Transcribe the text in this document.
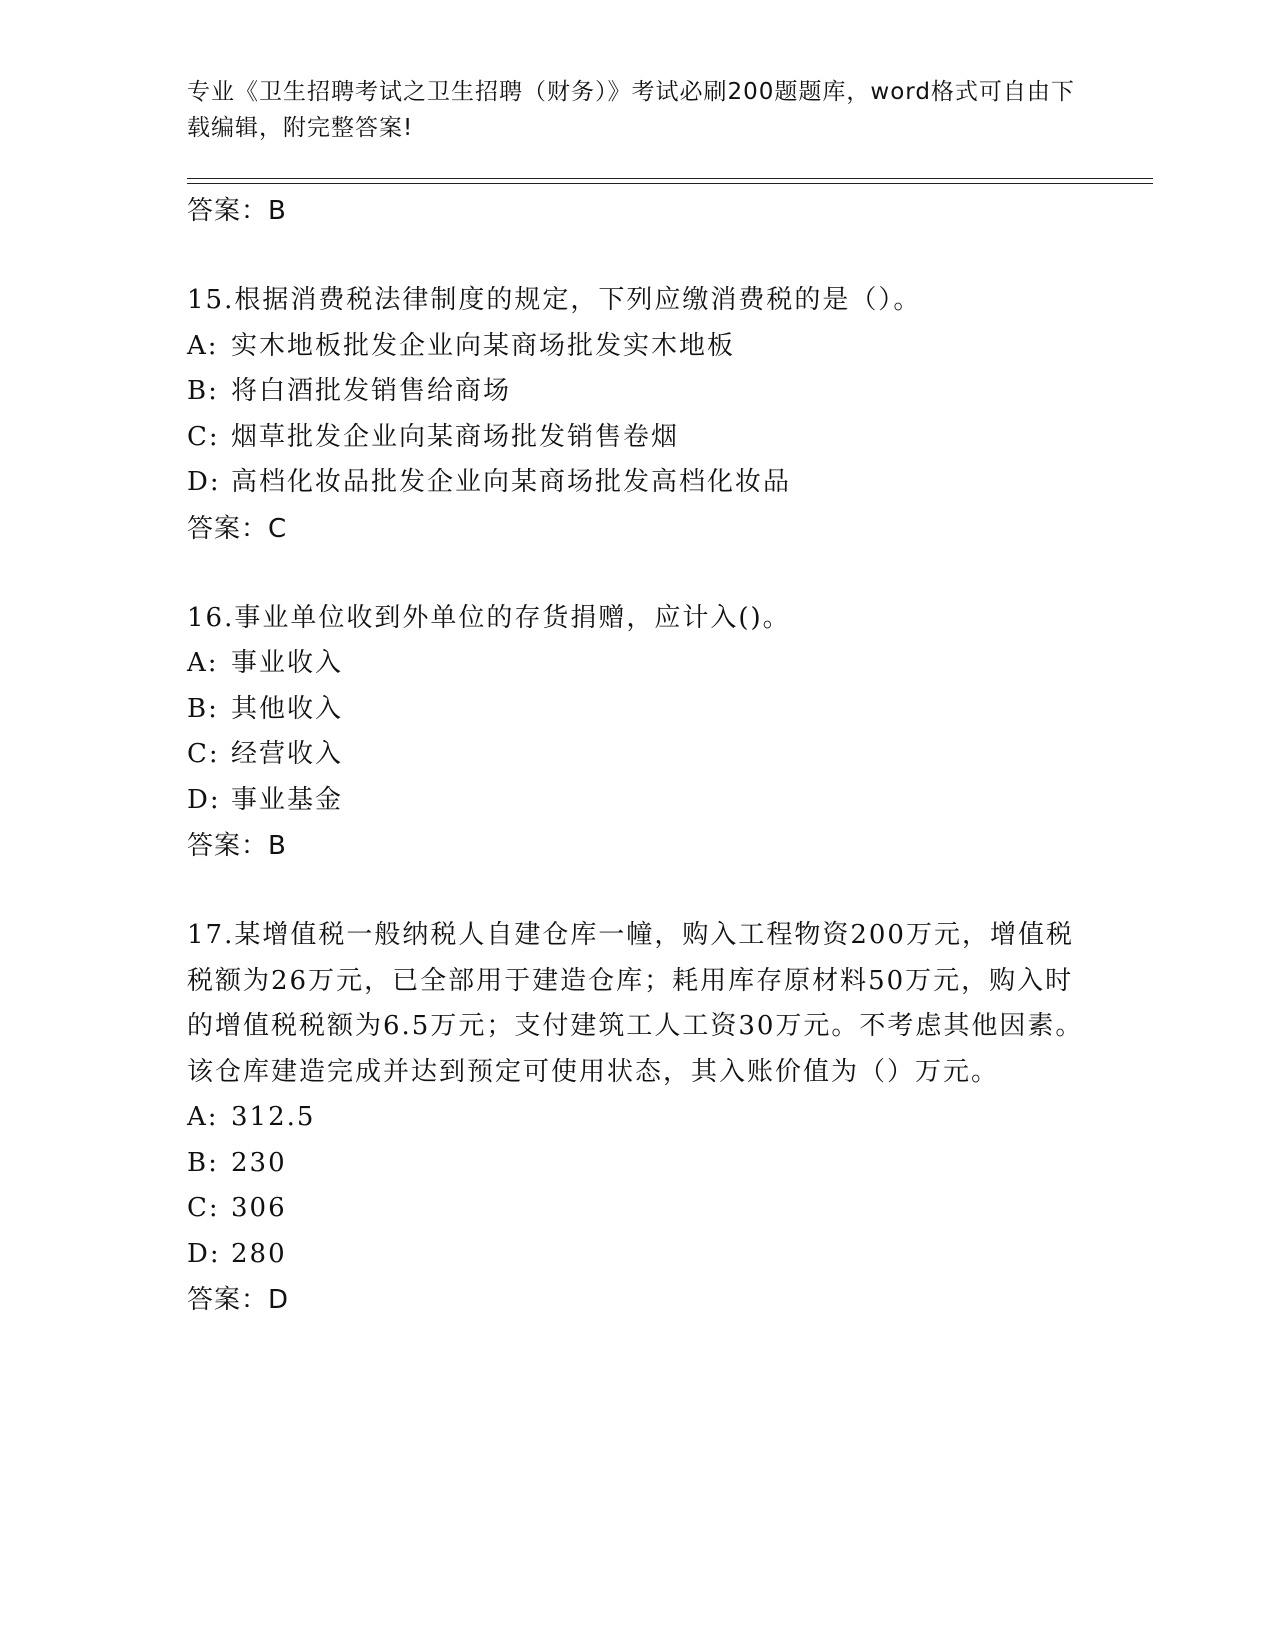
专业《卫生招聘考试之卫生招聘（财务）》考试必刷200题题库，word格式可自由下载编辑，附完整答案!

答案：B

15.根据消费税法律制度的规定，下列应缴消费税的是（）。

A: 实木地板批发企业向某商场批发实木地板

B: 将白酒批发销售给商场

C: 烟草批发企业向某商场批发销售卷烟

D: 高档化妆品批发企业向某商场批发高档化妆品

答案：C

16.事业单位收到外单位的存货捐赠，应计入()。

A: 事业收入

B: 其他收入

C: 经营收入

D: 事业基金

答案：B

17.某增值税一般纳税人自建仓库一幢，购入工程物资200万元，增值税税额为26万元，已全部用于建造仓库；耗用库存原材料50万元，购入时的增值税税额为6.5万元；支付建筑工人工资30万元。不考虑其他因素。该仓库建造完成并达到预定可使用状态，其入账价值为（）万元。

A: 312.5

B: 230

C: 306

D: 280

答案：D
